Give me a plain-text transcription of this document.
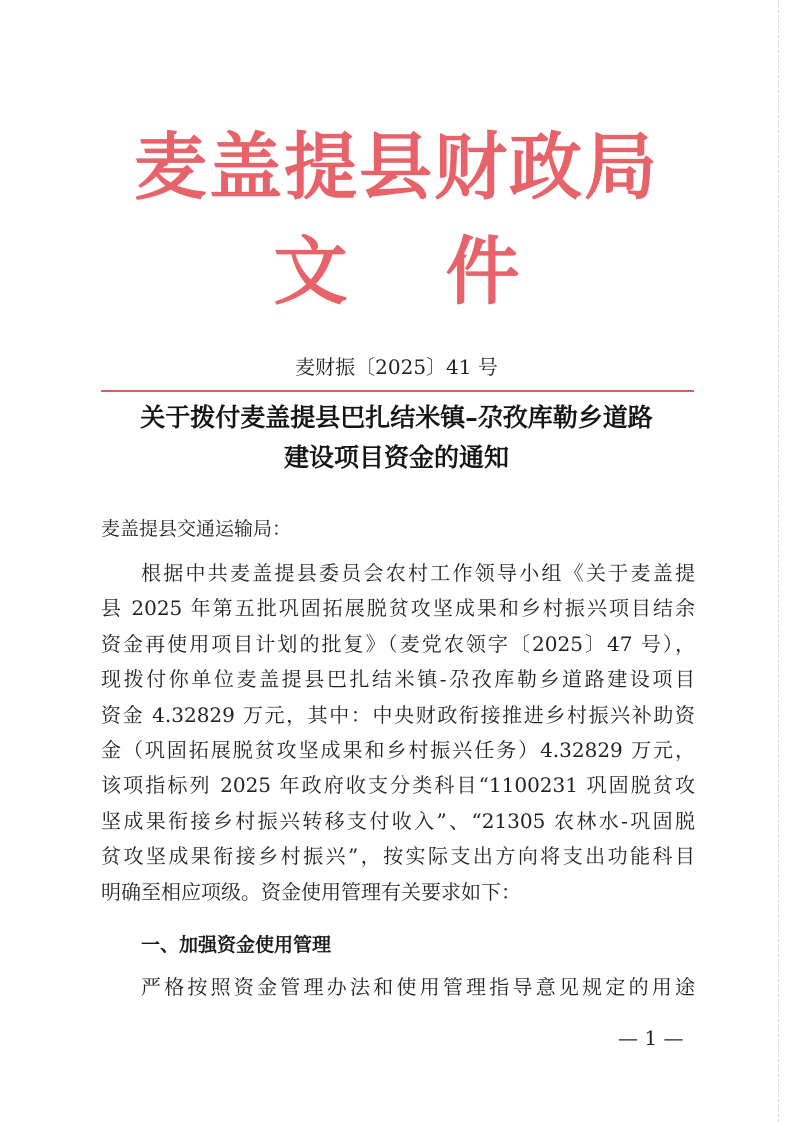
麦盖提县财政局
文 件
麦财振〔2025〕41 号
关于拨付麦盖提县巴扎结米镇–尕孜库勒乡道路
建设项目资金的通知
麦盖提县交通运输局：
根据中共麦盖提县委员会农村工作领导小组《关于麦盖提
县 2025 年第五批巩固拓展脱贫攻坚成果和乡村振兴项目结余
资金再使用项目计划的批复》（麦党农领字〔2025〕47 号），
现拨付你单位麦盖提县巴扎结米镇-尕孜库勒乡道路建设项目
资金 4.32829 万元，其中：中央财政衔接推进乡村振兴补助资
金（巩固拓展脱贫攻坚成果和乡村振兴任务）4.32829 万元，
该项指标列 2025 年政府收支分类科目“1100231 巩固脱贫攻
坚成果衔接乡村振兴转移支付收入”、“21305 农林水-巩固脱
贫攻坚成果衔接乡村振兴”，按实际支出方向将支出功能科目
明确至相应项级。资金使用管理有关要求如下：
一、加强资金使用管理
严格按照资金管理办法和使用管理指导意见规定的用途
— 1 —
